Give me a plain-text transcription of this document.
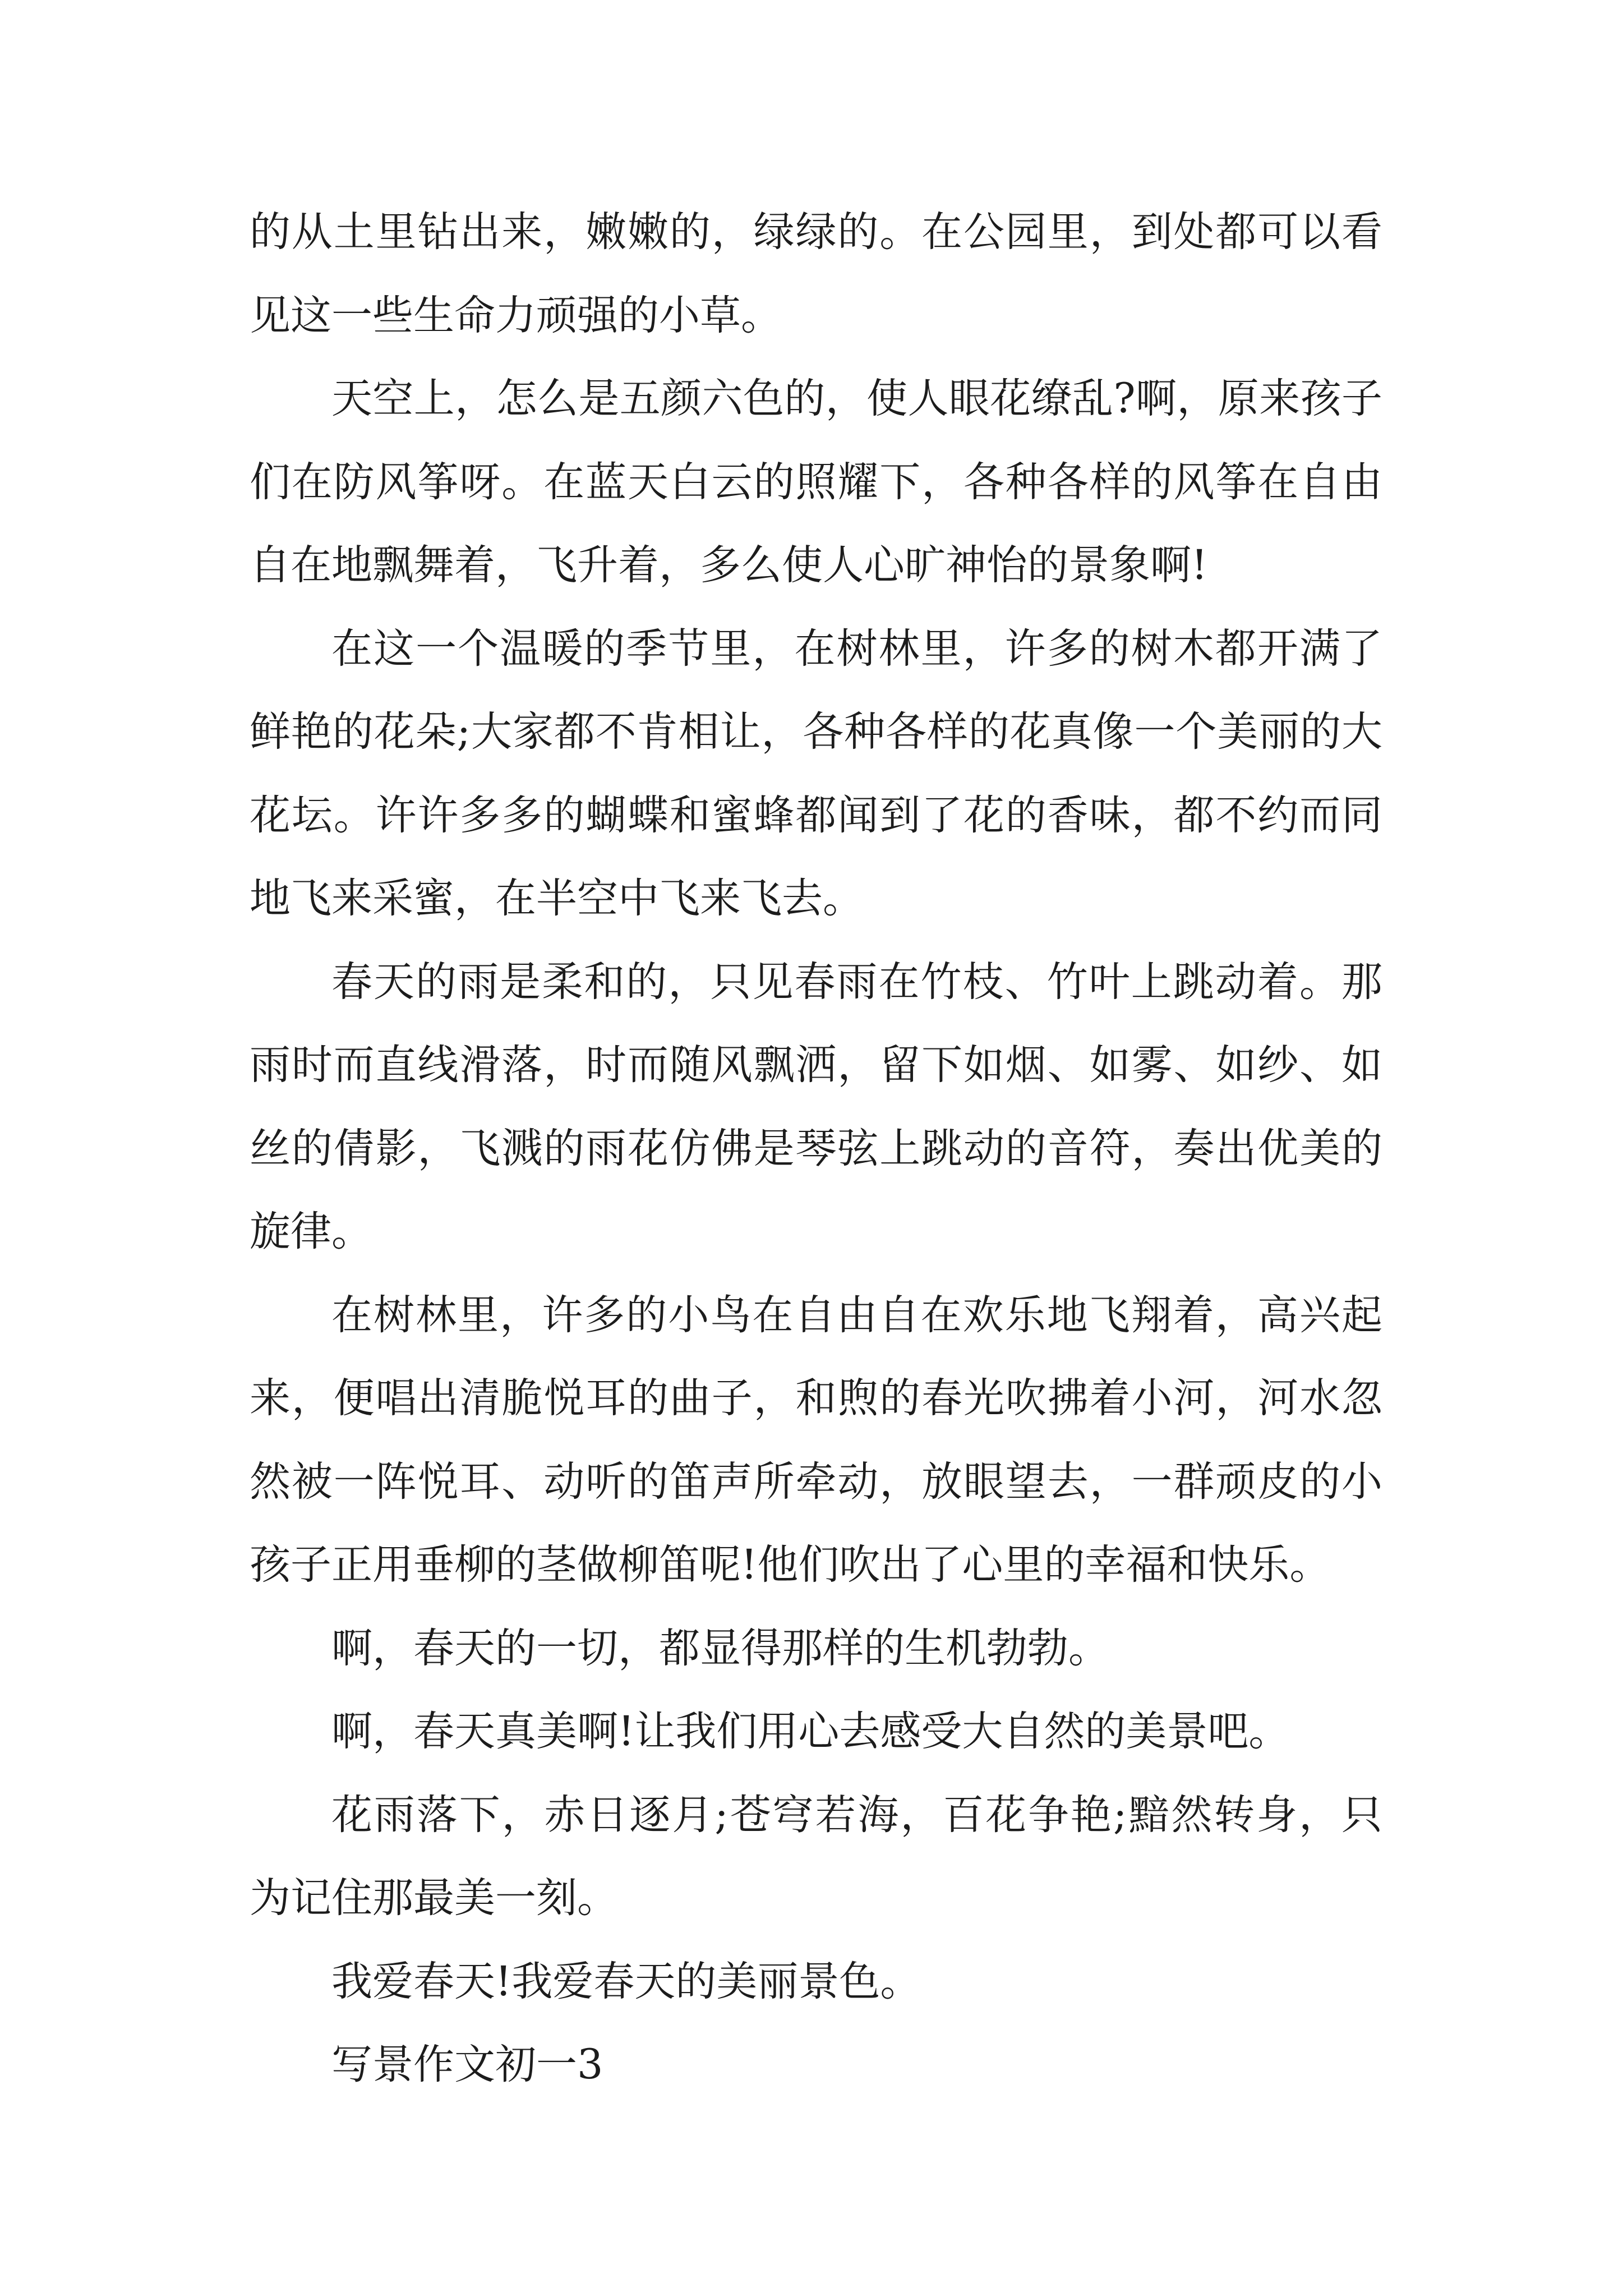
的从土里钻出来，嫩嫩的，绿绿的。在公园里，到处都可以看见这一些生命力顽强的小草。

天空上，怎么是五颜六色的，使人眼花缭乱?啊，原来孩子们在防风筝呀。在蓝天白云的照耀下，各种各样的风筝在自由自在地飘舞着，飞升着，多么使人心旷神怡的景象啊!

在这一个温暖的季节里，在树林里，许多的树木都开满了鲜艳的花朵;大家都不肯相让，各种各样的花真像一个美丽的大花坛。许许多多的蝴蝶和蜜蜂都闻到了花的香味，都不约而同地飞来采蜜，在半空中飞来飞去。

春天的雨是柔和的，只见春雨在竹枝、竹叶上跳动着。那雨时而直线滑落，时而随风飘洒，留下如烟、如雾、如纱、如丝的倩影，飞溅的雨花仿佛是琴弦上跳动的音符，奏出优美的旋律。

在树林里，许多的小鸟在自由自在欢乐地飞翔着，高兴起来，便唱出清脆悦耳的曲子，和煦的春光吹拂着小河，河水忽然被一阵悦耳、动听的笛声所牵动，放眼望去，一群顽皮的小孩子正用垂柳的茎做柳笛呢!他们吹出了心里的幸福和快乐。

啊，春天的一切，都显得那样的生机勃勃。

啊，春天真美啊!让我们用心去感受大自然的美景吧。

花雨落下，赤日逐月;苍穹若海，百花争艳;黯然转身，只为记住那最美一刻。

我爱春天!我爱春天的美丽景色。

写景作文初一3
